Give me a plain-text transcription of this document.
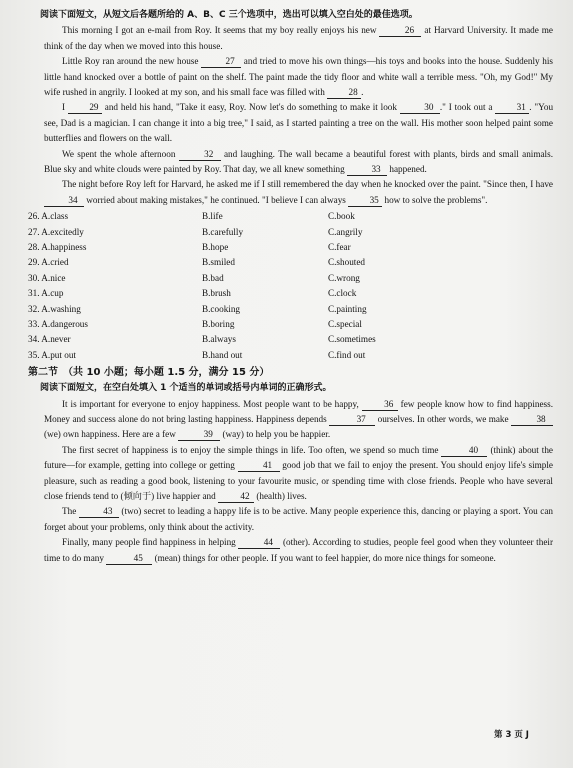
阅读下面短文，从短文后各题所给的 A、B、C 三个选项中，选出可以填入空白处的最佳选项。

This morning I got an e-mail from Roy. It seems that my boy really enjoys his new	26 at Harvard University. It made me think of the day when we moved into this house.

Little Roy ran around the new house	27 and tried to move his own things—his toys and books into the house. Suddenly his little hand knocked over a bottle of paint on the shelf. The paint made the tidy floor and white wall a terrible mess. "Oh, my God!" My wife rushed in angrily. I looked at my son, and his small face was filled with	28 .

I	29 and held his hand, "Take it easy, Roy. Now let's do something to make it look	30 ." I took out a	31 . "You see, Dad is a magician. I can change it into a big tree," I said, as I started painting a tree on the wall. His mother soon helped paint some butterflies and flowers on the wall.

We spent the whole afternoon	32 and laughing. The wall became a beautiful forest with plants, birds and small animals. Blue sky and white clouds were painted by Roy. That day, we all knew something	33 happened.

The night before Roy left for Harvard, he asked me if I still remembered the day when he knocked over the paint. "Since then, I have 34 worried about making mistakes," he continued. "I believe I can always	35 how to solve the problems".

26. A.class	B.life	C.book
27. A.excitedly	B.carefully	C.angrily
28. A.happiness	B.hope	C.fear
29. A.cried	B.smiled	C.shouted
30. A.nice	B.bad	C.wrong
31. A.cup	B.brush	C.clock
32. A.washing	B.cooking	C.painting
33. A.dangerous	B.boring	C.special
34. A.never	B.always	C.sometimes
35. A.put out	B.hand out	C.find out
第二节　（共 10 小题；每小题 1.5 分，满分 15 分）
阅读下面短文，在空白处填入 1 个适当的单词或括号内单词的正确形式。

It is important for everyone to enjoy happiness. Most people want to be happy,	36 few people know how to find happiness. Money and success alone do not bring lasting happiness. Happiness depends	37 ourselves. In other words, we make	38 (we) own happiness. Here are a few	39 (way) to help you be happier.

The first secret of happiness is to enjoy the simple things in life. Too often, we spend so much time	40 (think) about the future—for example, getting into college or getting	41 good job that we fail to enjoy the present. You should enjoy life's simple pleasure, such as reading a good book, listening to your favourite music, or spending time with close friends. People who have several close friends tend to (倾向于) live happier and	42 (health) lives.

The	43 (two) secret to leading a happy life is to be active. Many people experience this, dancing or playing a sport. You can forget about your problems, only think about the activity.

Finally, many people find happiness in helping	44 (other). According to studies, people feel good when they volunteer their time to do many	45 (mean) things for other people. If you want to feel happier, do more nice things for someone.

第 3 页 J
